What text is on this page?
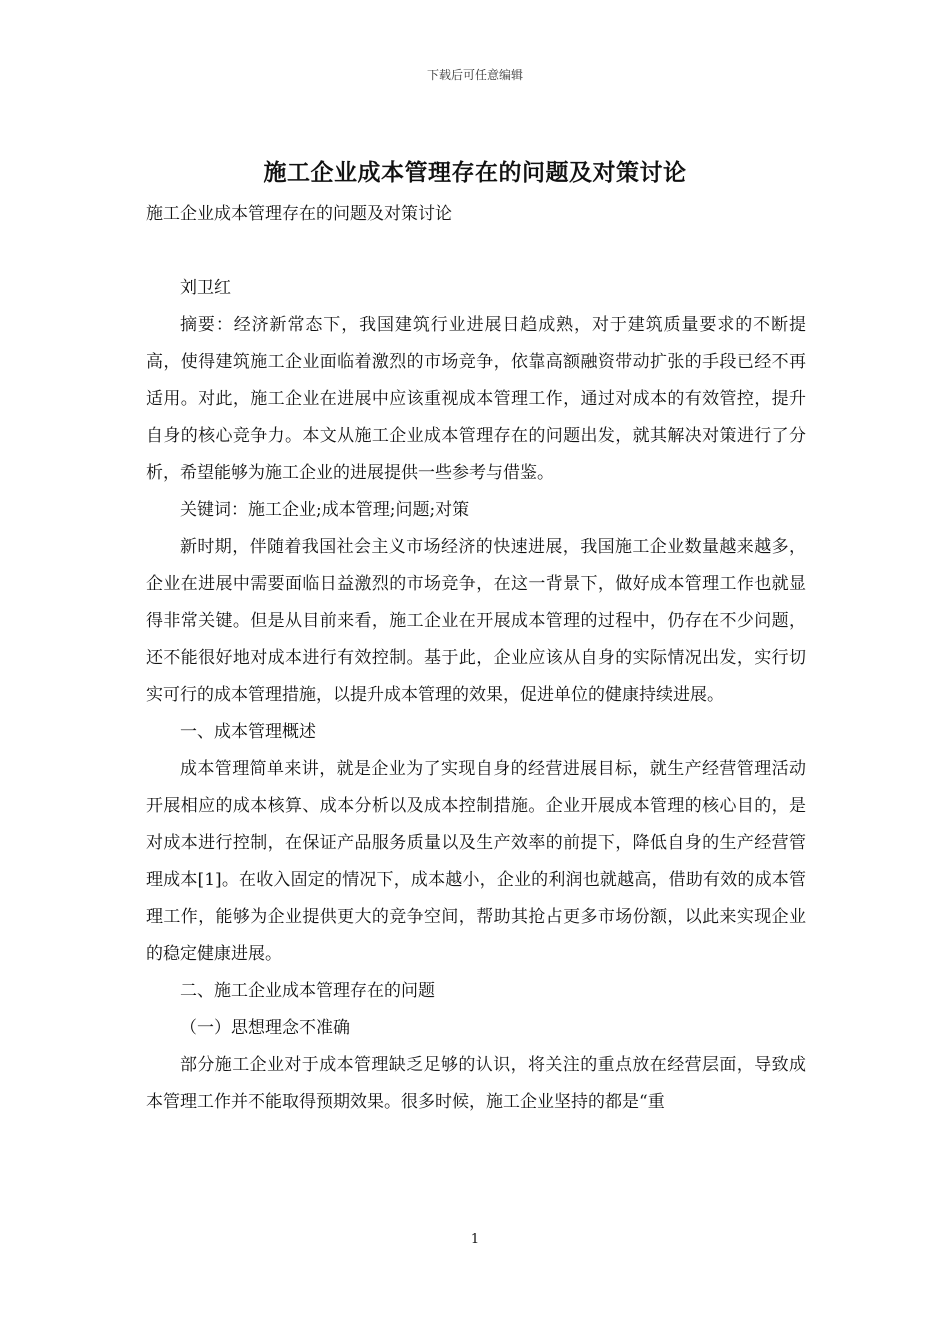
下载后可任意编辑
施工企业成本管理存在的问题及对策讨论

施工企业成本管理存在的问题及对策讨论

刘卫红

摘要：经济新常态下，我国建筑行业进展日趋成熟，对于建筑质量要求的不断提高，使得建筑施工企业面临着激烈的市场竞争，依靠高额融资带动扩张的手段已经不再适用。对此，施工企业在进展中应该重视成本管理工作，通过对成本的有效管控，提升自身的核心竞争力。本文从施工企业成本管理存在的问题出发，就其解决对策进行了分析，希望能够为施工企业的进展提供一些参考与借鉴。

关键词：施工企业;成本管理;问题;对策

新时期，伴随着我国社会主义市场经济的快速进展，我国施工企业数量越来越多，企业在进展中需要面临日益激烈的市场竞争，在这一背景下，做好成本管理工作也就显得非常关键。但是从目前来看，施工企业在开展成本管理的过程中，仍存在不少问题，还不能很好地对成本进行有效控制。基于此，企业应该从自身的实际情况出发，实行切实可行的成本管理措施，以提升成本管理的效果，促进单位的健康持续进展。

一、成本管理概述

成本管理简单来讲，就是企业为了实现自身的经营进展目标，就生产经营管理活动开展相应的成本核算、成本分析以及成本控制措施。企业开展成本管理的核心目的，是对成本进行控制，在保证产品服务质量以及生产效率的前提下，降低自身的生产经营管理成本[1]。在收入固定的情况下，成本越小，企业的利润也就越高，借助有效的成本管理工作，能够为企业提供更大的竞争空间，帮助其抢占更多市场份额，以此来实现企业的稳定健康进展。

二、施工企业成本管理存在的问题

（一）思想理念不准确

部分施工企业对于成本管理缺乏足够的认识，将关注的重点放在经营层面，导致成本管理工作并不能取得预期效果。很多时候，施工企业坚持的都是“重

1
